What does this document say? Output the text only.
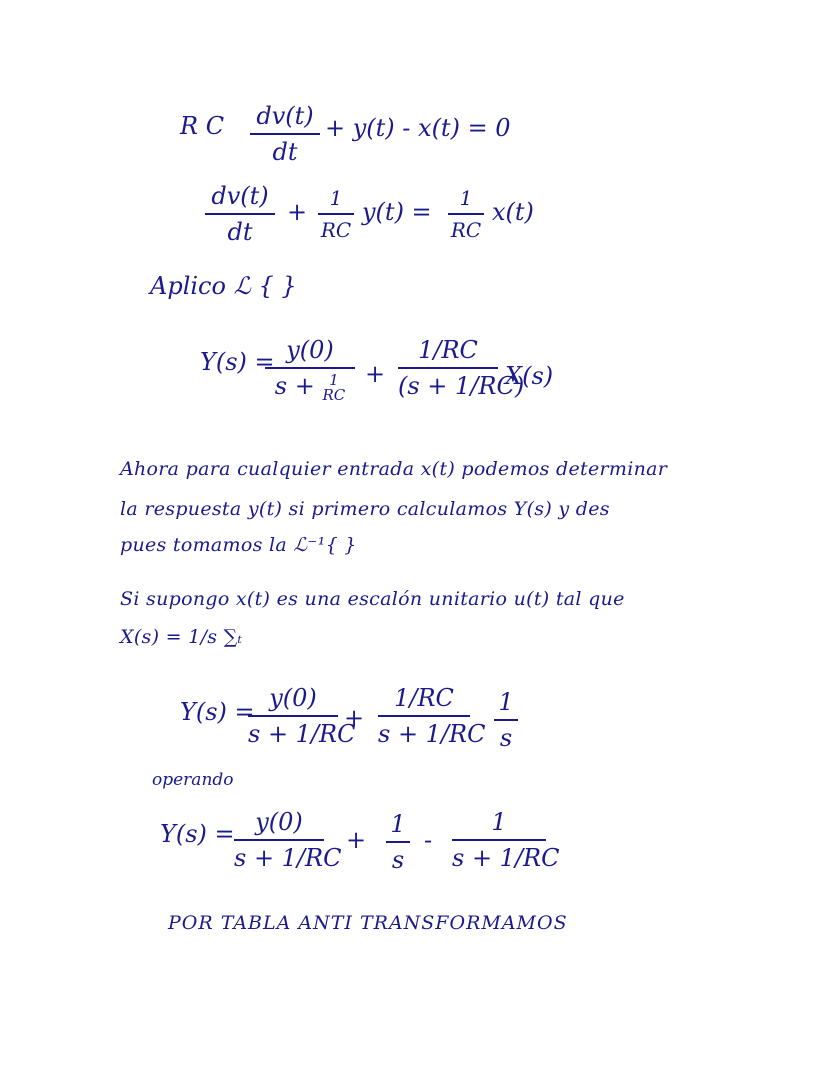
R C dv(t)
dt
+ y(t) - x(t) = 0
dv(t)
dt
+	1
RC
y(t) =	1
RC
x(t)
Aplico ℒ { }
Y(s) = y(0)
s + 1
RC
+
1/RC
(s + 1/RC)
X(s)
Ahora para cualquier entrada x(t) podemos determinar
la respuesta y(t) si primero calculamos Y(s) y des
pues tomamos la ℒ⁻¹{ }
Si supongo x(t) es una escalón unitario u(t) tal que
X(s) = 1/s ∑ₜ
Y(s) = y(0)
s + 1/RC
+
1/RC
s + 1/RC
1
s
operando
Y(s) = y(0)
s + 1/RC
+
1
s
-
1
s + 1/RC
POR TABLA ANTI TRANSFORMAMOS
